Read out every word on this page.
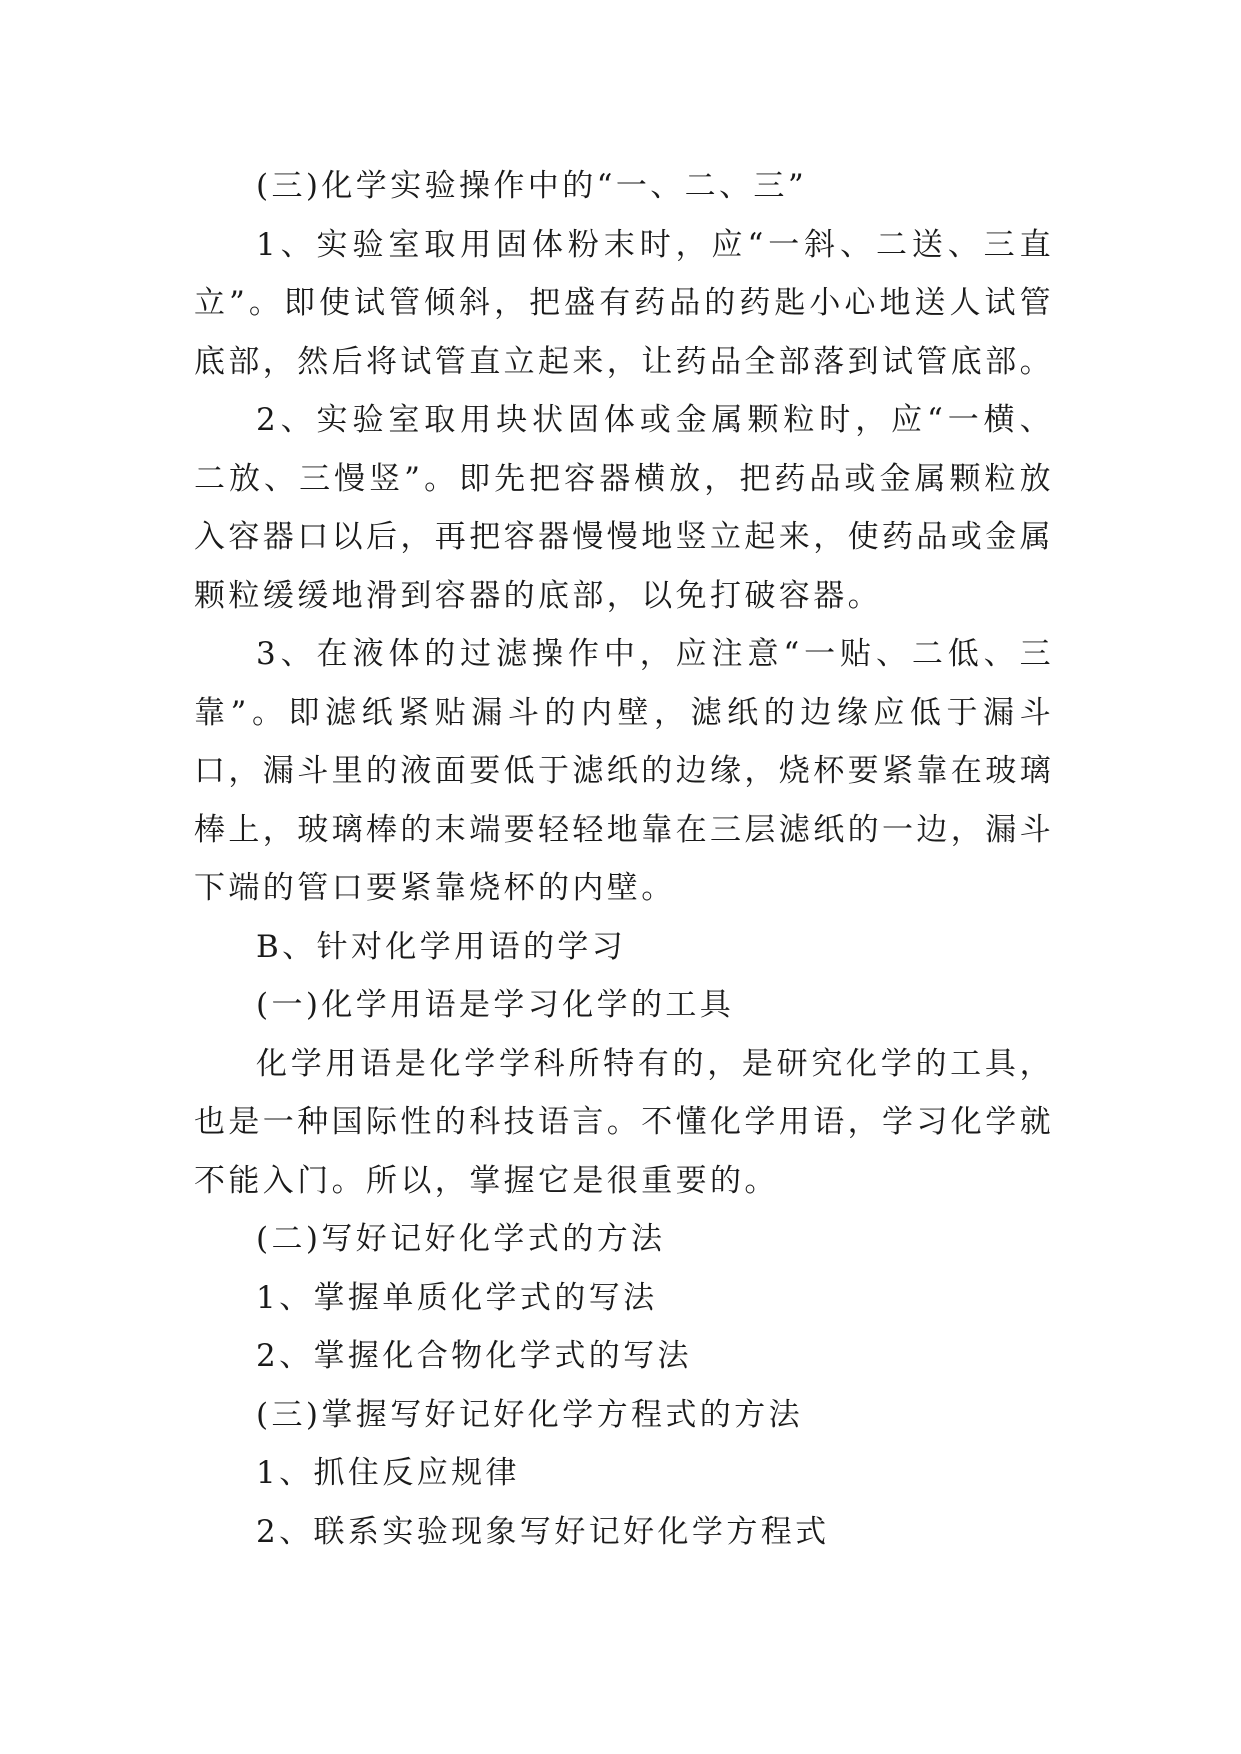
(三)化学实验操作中的“一、二、三”

1、实验室取用固体粉末时，应“一斜、二送、三直立”。即使试管倾斜，把盛有药品的药匙小心地送人试管底部，然后将试管直立起来，让药品全部落到试管底部。

2、实验室取用块状固体或金属颗粒时，应“一横、二放、三慢竖”。即先把容器横放，把药品或金属颗粒放入容器口以后，再把容器慢慢地竖立起来，使药品或金属颗粒缓缓地滑到容器的底部，以免打破容器。

3、在液体的过滤操作中，应注意“一贴、二低、三靠”。即滤纸紧贴漏斗的内壁，滤纸的边缘应低于漏斗口，漏斗里的液面要低于滤纸的边缘，烧杯要紧靠在玻璃棒上，玻璃棒的末端要轻轻地靠在三层滤纸的一边，漏斗下端的管口要紧靠烧杯的内壁。

B、针对化学用语的学习

(一)化学用语是学习化学的工具

化学用语是化学学科所特有的，是研究化学的工具，也是一种国际性的科技语言。不懂化学用语，学习化学就不能入门。所以，掌握它是很重要的。

(二)写好记好化学式的方法

1、掌握单质化学式的写法

2、掌握化合物化学式的写法

(三)掌握写好记好化学方程式的方法

1、抓住反应规律

2、联系实验现象写好记好化学方程式
